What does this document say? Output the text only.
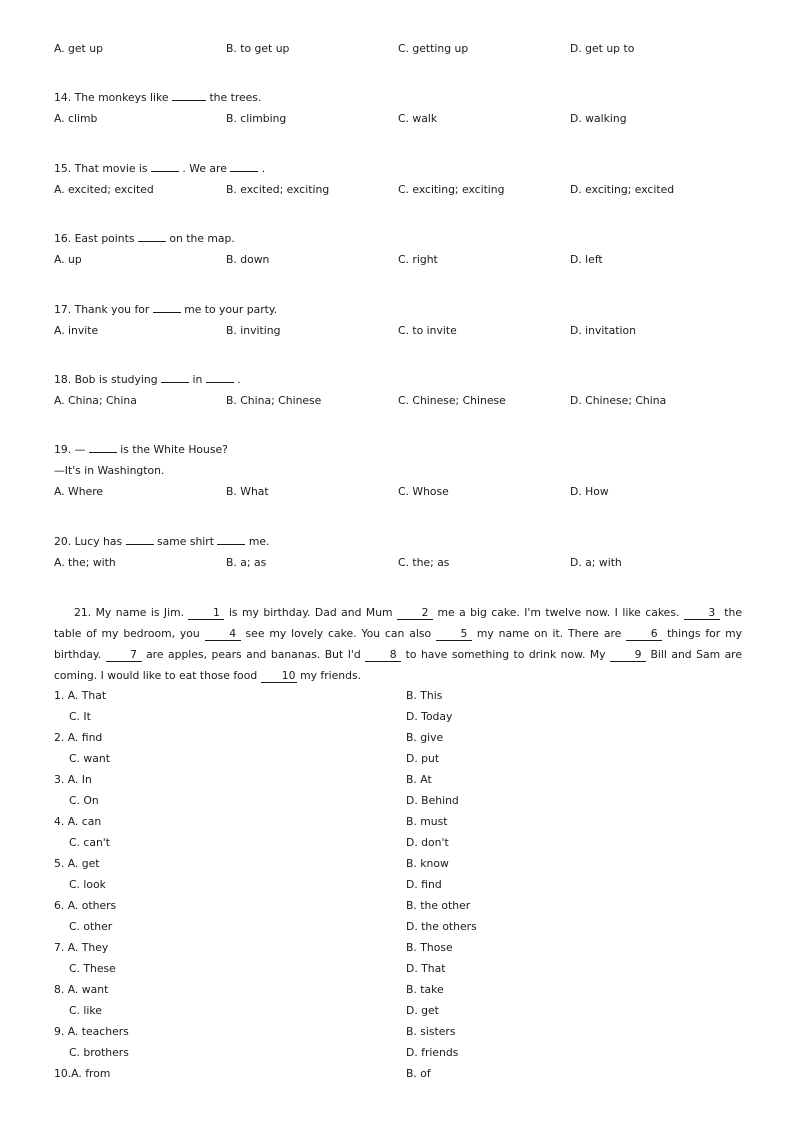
A. get up	B. to get up	C. getting up	D. get up to
14. The monkeys like	the trees.
A. climb	B. climbing	C. walk	D. walking
15. That movie is	. We are	.
A. excited; excited	B. excited; exciting	C. exciting; exciting	D. exciting; excited
16. East points	on the map.
A. up	B. down	C. right	D. left
17. Thank you for	me to your party.
A. invite	B. inviting	C. to invite	D. invitation
18. Bob is studying	in	.
A. China; China	B. China; Chinese	C. Chinese; Chinese	D. Chinese; China
19. —	is the White House?
—It's in Washington.
A. Where	B. What	C. Whose	D. How
20. Lucy has	same shirt	me.
A. the; with	B. a; as	C. the; as	D. a; with
21. My name is Jim.	1 is my birthday. Dad and Mum	2 me a big cake. I'm twelve now. I like cakes.	3 the table of my bedroom, you	4 see my lovely cake. You can also	5 my name on it. There are	6 things for my birthday.	7 are apples, pears and bananas. But I'd	8 to have something to drink now. My	9 Bill and Sam are coming. I would like to eat those food 10 my friends.
1. A. That	B. This
C. It	D. Today
2. A. find	B. give
C. want	D. put
3. A. In	B. At
C. On	D. Behind
4. A. can	B. must
C. can't	D. don't
5. A. get	B. know
C. look	D. find
6. A. others	B. the other
C. other	D. the others
7. A. They	B. Those
C. These	D. That
8. A. want	B. take
C. like	D. get
9. A. teachers	B. sisters
C. brothers	D. friends
10.A. from	B. of
